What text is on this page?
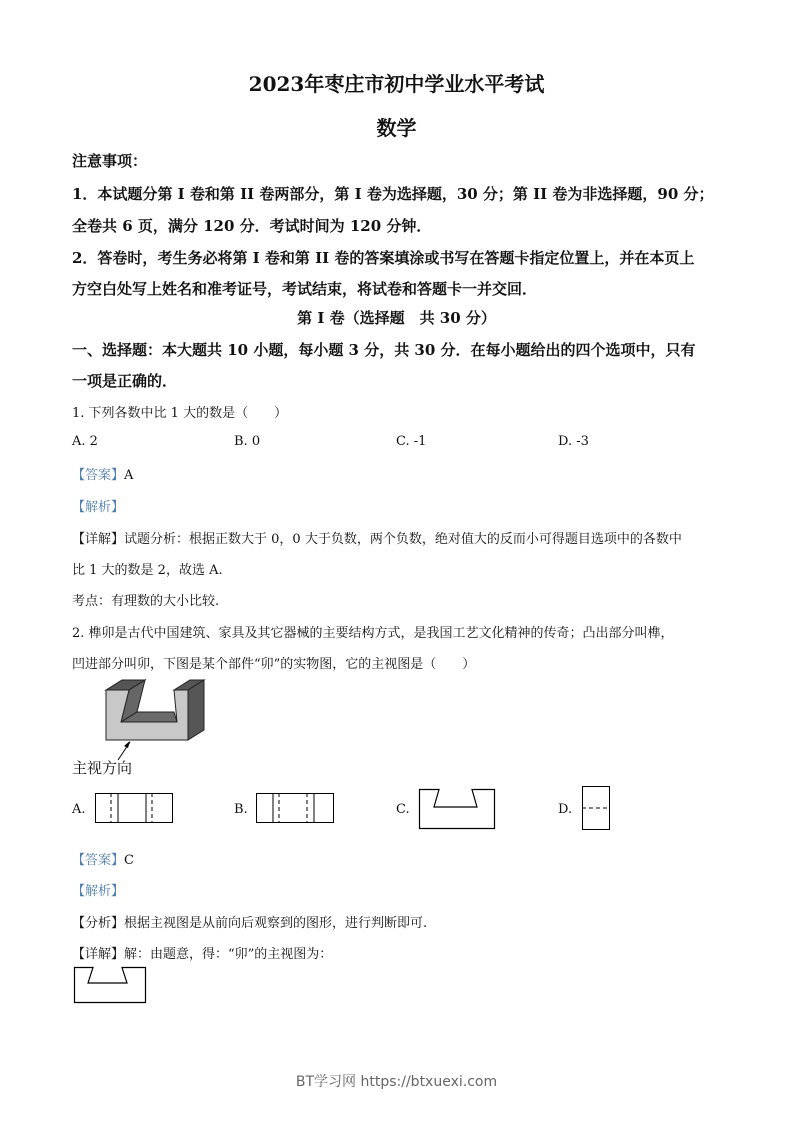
2023年枣庄市初中学业水平考试
数学
注意事项：
1．本试题分第 I 卷和第 II 卷两部分，第 I 卷为选择题，30 分；第 II 卷为非选择题，90 分；
全卷共 6 页，满分 120 分．考试时间为 120 分钟．
2．答卷时，考生务必将第 I 卷和第 II 卷的答案填涂或书写在答题卡指定位置上，并在本页上
方空白处写上姓名和准考证号，考试结束，将试卷和答题卡一并交回．
第 I 卷（选择题　共 30 分）
一、选择题：本大题共 10 小题，每小题 3 分，共 30 分．在每小题给出的四个选项中，只有
一项是正确的．
1. 下列各数中比 1 大的数是（　　）
A. 2	B. 0	C. -1	D. -3
【答案】A
【解析】
【详解】试题分析：根据正数大于 0，0 大于负数，两个负数，绝对值大的反而小可得题目选项中的各数中
比 1 大的数是 2，故选 A.
考点：有理数的大小比较.
2. 榫卯是古代中国建筑、家具及其它器械的主要结构方式，是我国工艺文化精神的传奇；凸出部分叫榫，
凹进部分叫卯，下图是某个部件“卯”的实物图，它的主视图是（　　）
主视方向
A.	B.	C.	D.
【答案】C
【解析】
【分析】根据主视图是从前向后观察到的图形，进行判断即可.
【详解】解：由题意，得：“卯”的主视图为：
BT学习网 https://btxuexi.com
